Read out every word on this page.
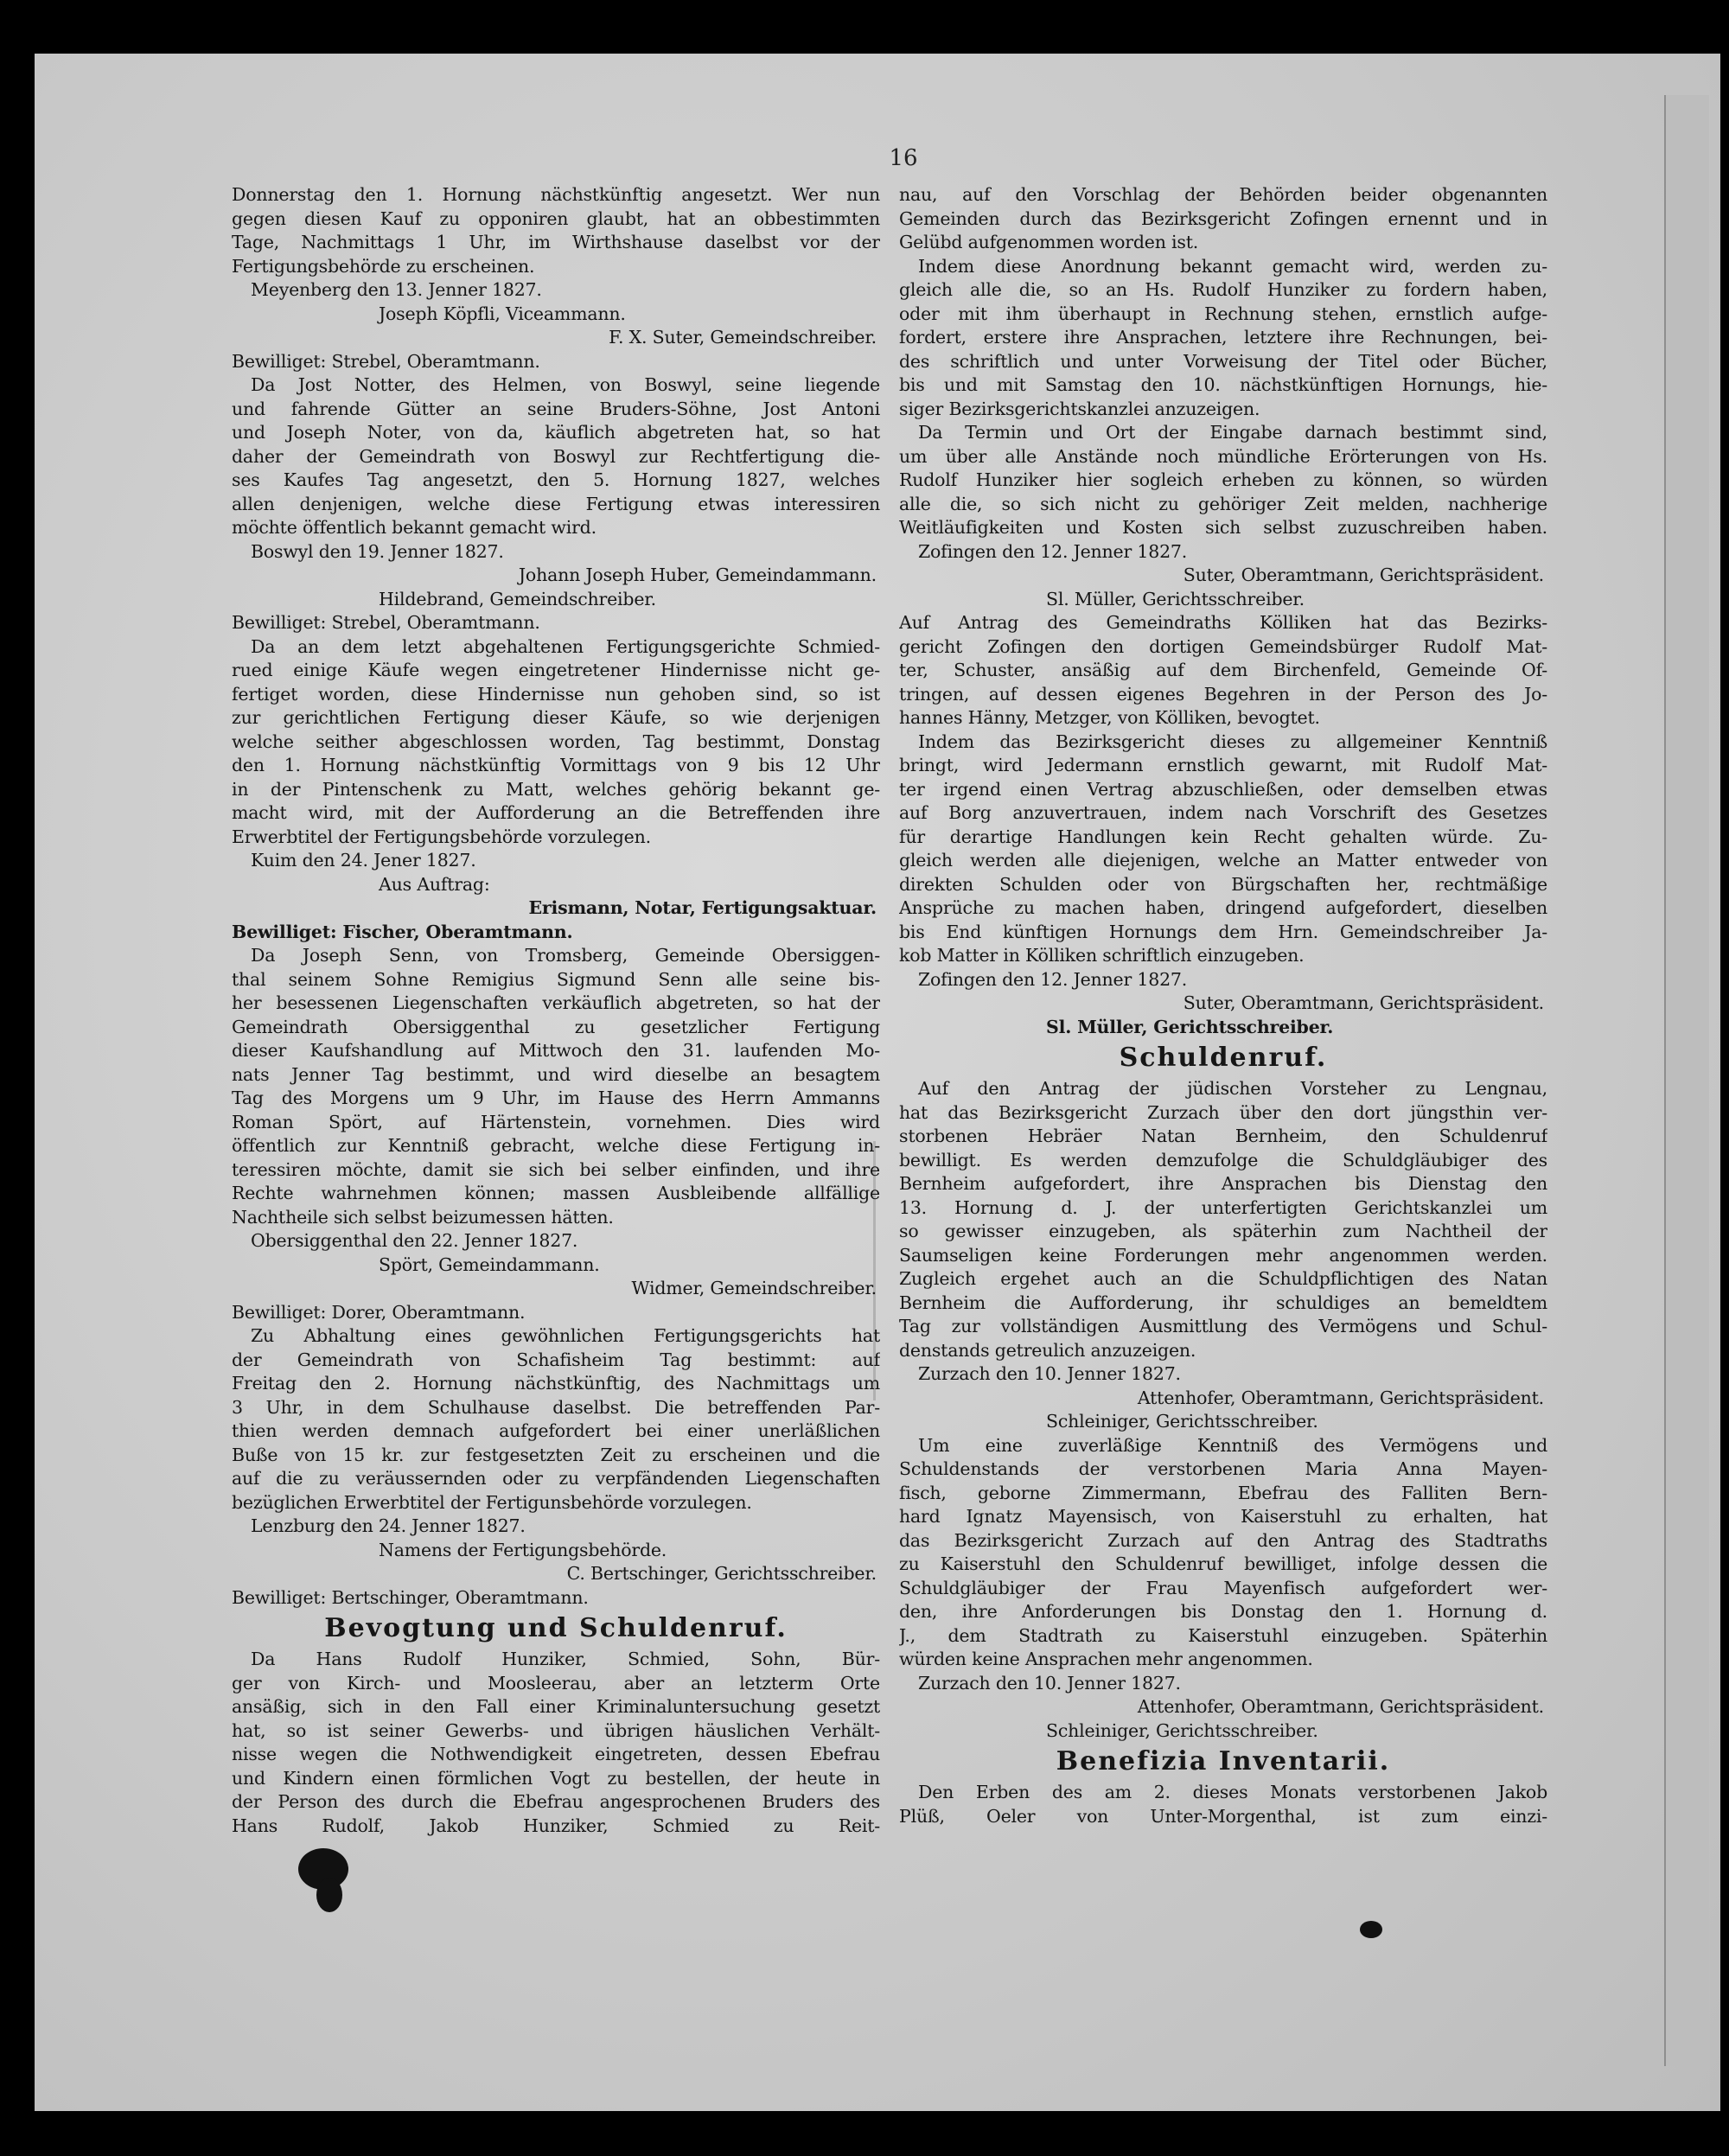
16
Donnerstag den 1. Hornung nächstkünftig angesetzt. Wer nun
gegen diesen Kauf zu opponiren glaubt, hat an obbestimmten
Tage, Nachmittags 1 Uhr, im Wirthshause daselbst vor der
Fertigungsbehörde zu erscheinen.
Meyenberg den 13. Jenner 1827.
Joseph Köpfli, Viceammann.
F. X. Suter, Gemeindschreiber.
Bewilliget: Strebel, Oberamtmann.
Da Jost Notter, des Helmen, von Boswyl, seine liegende
und fahrende Gütter an seine Bruders-Söhne, Jost Antoni
und Joseph Noter, von da, käuflich abgetreten hat, so hat
daher der Gemeindrath von Boswyl zur Rechtfertigung die-
ses Kaufes Tag angesetzt, den 5. Hornung 1827, welches
allen denjenigen, welche diese Fertigung etwas interessiren
möchte öffentlich bekannt gemacht wird.
Boswyl den 19. Jenner 1827.
Johann Joseph Huber, Gemeindammann.
Hildebrand, Gemeindschreiber.
Bewilliget: Strebel, Oberamtmann.
Da an dem letzt abgehaltenen Fertigungsgerichte Schmied-
rued einige Käufe wegen eingetretener Hindernisse nicht ge-
fertiget worden, diese Hindernisse nun gehoben sind, so ist
zur gerichtlichen Fertigung dieser Käufe, so wie derjenigen
welche seither abgeschlossen worden, Tag bestimmt, Donstag
den 1. Hornung nächstkünftig Vormittags von 9 bis 12 Uhr
in der Pintenschenk zu Matt, welches gehörig bekannt ge-
macht wird, mit der Aufforderung an die Betreffenden ihre
Erwerbtitel der Fertigungsbehörde vorzulegen.
Kuim den 24. Jener 1827.
Aus Auftrag:
Erismann, Notar, Fertigungsaktuar.
Bewilliget: Fischer, Oberamtmann.
Da Joseph Senn, von Tromsberg, Gemeinde Obersiggen-
thal seinem Sohne Remigius Sigmund Senn alle seine bis-
her besessenen Liegenschaften verkäuflich abgetreten, so hat der
Gemeindrath Obersiggenthal zu gesetzlicher Fertigung
dieser Kaufshandlung auf Mittwoch den 31. laufenden Mo-
nats Jenner Tag bestimmt, und wird dieselbe an besagtem
Tag des Morgens um 9 Uhr, im Hause des Herrn Ammanns
Roman Spört, auf Härtenstein, vornehmen. Dies wird
öffentlich zur Kenntniß gebracht, welche diese Fertigung in-
teressiren möchte, damit sie sich bei selber einfinden, und ihre
Rechte wahrnehmen können; massen Ausbleibende allfällige
Nachtheile sich selbst beizumessen hätten.
Obersiggenthal den 22. Jenner 1827.
Spört, Gemeindammann.
Widmer, Gemeindschreiber.
Bewilliget: Dorer, Oberamtmann.
Zu Abhaltung eines gewöhnlichen Fertigungsgerichts hat
der Gemeindrath von Schafisheim Tag bestimmt: auf
Freitag den 2. Hornung nächstkünftig, des Nachmittags um
3 Uhr, in dem Schulhause daselbst. Die betreffenden Par-
thien werden demnach aufgefordert bei einer unerläßlichen
Buße von 15 kr. zur festgesetzten Zeit zu erscheinen und die
auf die zu veräussernden oder zu verpfändenden Liegenschaften
bezüglichen Erwerbtitel der Fertigunsbehörde vorzulegen.
Lenzburg den 24. Jenner 1827.
Namens der Fertigungsbehörde.
C. Bertschinger, Gerichtsschreiber.
Bewilliget: Bertschinger, Oberamtmann.
Bevogtung und Schuldenruf.
Da Hans Rudolf Hunziker, Schmied, Sohn, Bür-
ger von Kirch- und Moosleerau, aber an letzterm Orte
ansäßig, sich in den Fall einer Kriminaluntersuchung gesetzt
hat, so ist seiner Gewerbs- und übrigen häuslichen Verhält-
nisse wegen die Nothwendigkeit eingetreten, dessen Ebefrau
und Kindern einen förmlichen Vogt zu bestellen, der heute in
der Person des durch die Ebefrau angesprochenen Bruders des
Hans Rudolf, Jakob Hunziker, Schmied zu Reit-
nau, auf den Vorschlag der Behörden beider obgenannten
Gemeinden durch das Bezirksgericht Zofingen ernennt und in
Gelübd aufgenommen worden ist.
Indem diese Anordnung bekannt gemacht wird, werden zu-
gleich alle die, so an Hs. Rudolf Hunziker zu fordern haben,
oder mit ihm überhaupt in Rechnung stehen, ernstlich aufge-
fordert, erstere ihre Ansprachen, letztere ihre Rechnungen, bei-
des schriftlich und unter Vorweisung der Titel oder Bücher,
bis und mit Samstag den 10. nächstkünftigen Hornungs, hie-
siger Bezirksgerichtskanzlei anzuzeigen.
Da Termin und Ort der Eingabe darnach bestimmt sind,
um über alle Anstände noch mündliche Erörterungen von Hs.
Rudolf Hunziker hier sogleich erheben zu können, so würden
alle die, so sich nicht zu gehöriger Zeit melden, nachherige
Weitläufigkeiten und Kosten sich selbst zuzuschreiben haben.
Zofingen den 12. Jenner 1827.
Suter, Oberamtmann, Gerichtspräsident.
Sl. Müller, Gerichtsschreiber.
Auf Antrag des Gemeindraths Kölliken hat das Bezirks-
gericht Zofingen den dortigen Gemeindsbürger Rudolf Mat-
ter, Schuster, ansäßig auf dem Birchenfeld, Gemeinde Of-
tringen, auf dessen eigenes Begehren in der Person des Jo-
hannes Hänny, Metzger, von Kölliken, bevogtet.
Indem das Bezirksgericht dieses zu allgemeiner Kenntniß
bringt, wird Jedermann ernstlich gewarnt, mit Rudolf Mat-
ter irgend einen Vertrag abzuschließen, oder demselben etwas
auf Borg anzuvertrauen, indem nach Vorschrift des Gesetzes
für derartige Handlungen kein Recht gehalten würde. Zu-
gleich werden alle diejenigen, welche an Matter entweder von
direkten Schulden oder von Bürgschaften her, rechtmäßige
Ansprüche zu machen haben, dringend aufgefordert, dieselben
bis End künftigen Hornungs dem Hrn. Gemeindschreiber Ja-
kob Matter in Kölliken schriftlich einzugeben.
Zofingen den 12. Jenner 1827.
Suter, Oberamtmann, Gerichtspräsident.
Sl. Müller, Gerichtsschreiber.
Schuldenruf.
Auf den Antrag der jüdischen Vorsteher zu Lengnau,
hat das Bezirksgericht Zurzach über den dort jüngsthin ver-
storbenen Hebräer Natan Bernheim, den Schuldenruf
bewilligt. Es werden demzufolge die Schuldgläubiger des
Bernheim aufgefordert, ihre Ansprachen bis Dienstag den
13. Hornung d. J. der unterfertigten Gerichtskanzlei um
so gewisser einzugeben, als späterhin zum Nachtheil der
Saumseligen keine Forderungen mehr angenommen werden.
Zugleich ergehet auch an die Schuldpflichtigen des Natan
Bernheim die Aufforderung, ihr schuldiges an bemeldtem
Tag zur vollständigen Ausmittlung des Vermögens und Schul-
denstands getreulich anzuzeigen.
Zurzach den 10. Jenner 1827.
Attenhofer, Oberamtmann, Gerichtspräsident.
Schleiniger, Gerichtsschreiber.
Um eine zuverläßige Kenntniß des Vermögens und
Schuldenstands der verstorbenen Maria Anna Mayen-
fisch, geborne Zimmermann, Ebefrau des Falliten Bern-
hard Ignatz Mayensisch, von Kaiserstuhl zu erhalten, hat
das Bezirksgericht Zurzach auf den Antrag des Stadtraths
zu Kaiserstuhl den Schuldenruf bewilliget, infolge dessen die
Schuldgläubiger der Frau Mayenfisch aufgefordert wer-
den, ihre Anforderungen bis Donstag den 1. Hornung d.
J., dem Stadtrath zu Kaiserstuhl einzugeben. Späterhin
würden keine Ansprachen mehr angenommen.
Zurzach den 10. Jenner 1827.
Attenhofer, Oberamtmann, Gerichtspräsident.
Schleiniger, Gerichtsschreiber.
Benefizia Inventarii.
Den Erben des am 2. dieses Monats verstorbenen Jakob
Plüß, Oeler von Unter-Morgenthal, ist zum einzi-
